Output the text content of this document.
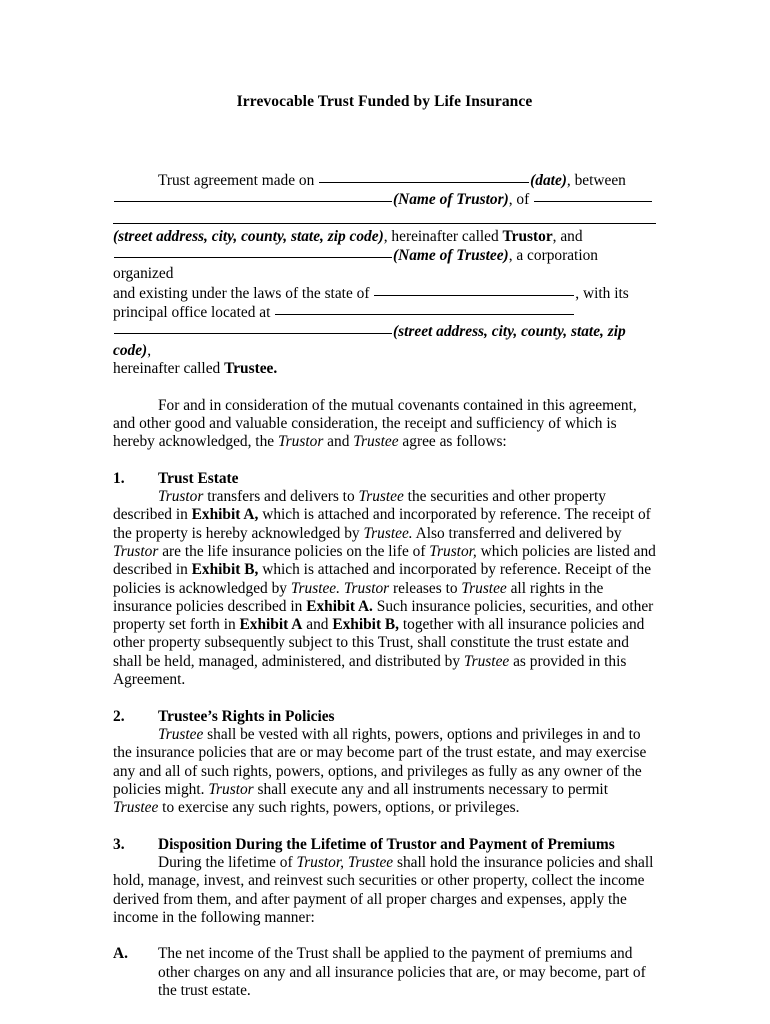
Irrevocable Trust Funded by Life Insurance

Trust agreement made on	(date), between

(Name of Trustor), of

(street address, city, county, state, zip code), hereinafter called Trustor, and

(Name of Trustee), a corporation organized

and existing under the laws of the state of	, with its

principal office located at

(street address, city, county, state, zip code),

hereinafter called Trustee.

For and in consideration of the mutual covenants contained in this agreement, and other good and valuable consideration, the receipt and sufficiency of which is hereby acknowledged, the Trustor and Trustee agree as follows:

1. Trust Estate

Trustor transfers and delivers to Trustee the securities and other property described in Exhibit A, which is attached and incorporated by reference. The receipt of the property is hereby acknowledged by Trustee. Also transferred and delivered by Trustor are the life insurance policies on the life of Trustor, which policies are listed and described in Exhibit B, which is attached and incorporated by reference. Receipt of the policies is acknowledged by Trustee. Trustor releases to Trustee all rights in the insurance policies described in Exhibit A. Such insurance policies, securities, and other property set forth in Exhibit A and Exhibit B, together with all insurance policies and other property subsequently subject to this Trust, shall constitute the trust estate and shall be held, managed, administered, and distributed by Trustee as provided in this Agreement.

2. Trustee’s Rights in Policies

Trustee shall be vested with all rights, powers, options and privileges in and to the insurance policies that are or may become part of the trust estate, and may exercise any and all of such rights, powers, options, and privileges as fully as any owner of the policies might. Trustor shall execute any and all instruments necessary to permit Trustee to exercise any such rights, powers, options, or privileges.

3. Disposition During the Lifetime of Trustor and Payment of Premiums

During the lifetime of Trustor, Trustee shall hold the insurance policies and shall hold, manage, invest, and reinvest such securities or other property, collect the income derived from them, and after payment of all proper charges and expenses, apply the income in the following manner:

A. The net income of the Trust shall be applied to the payment of premiums and other charges on any and all insurance policies that are, or may become, part of the trust estate.
